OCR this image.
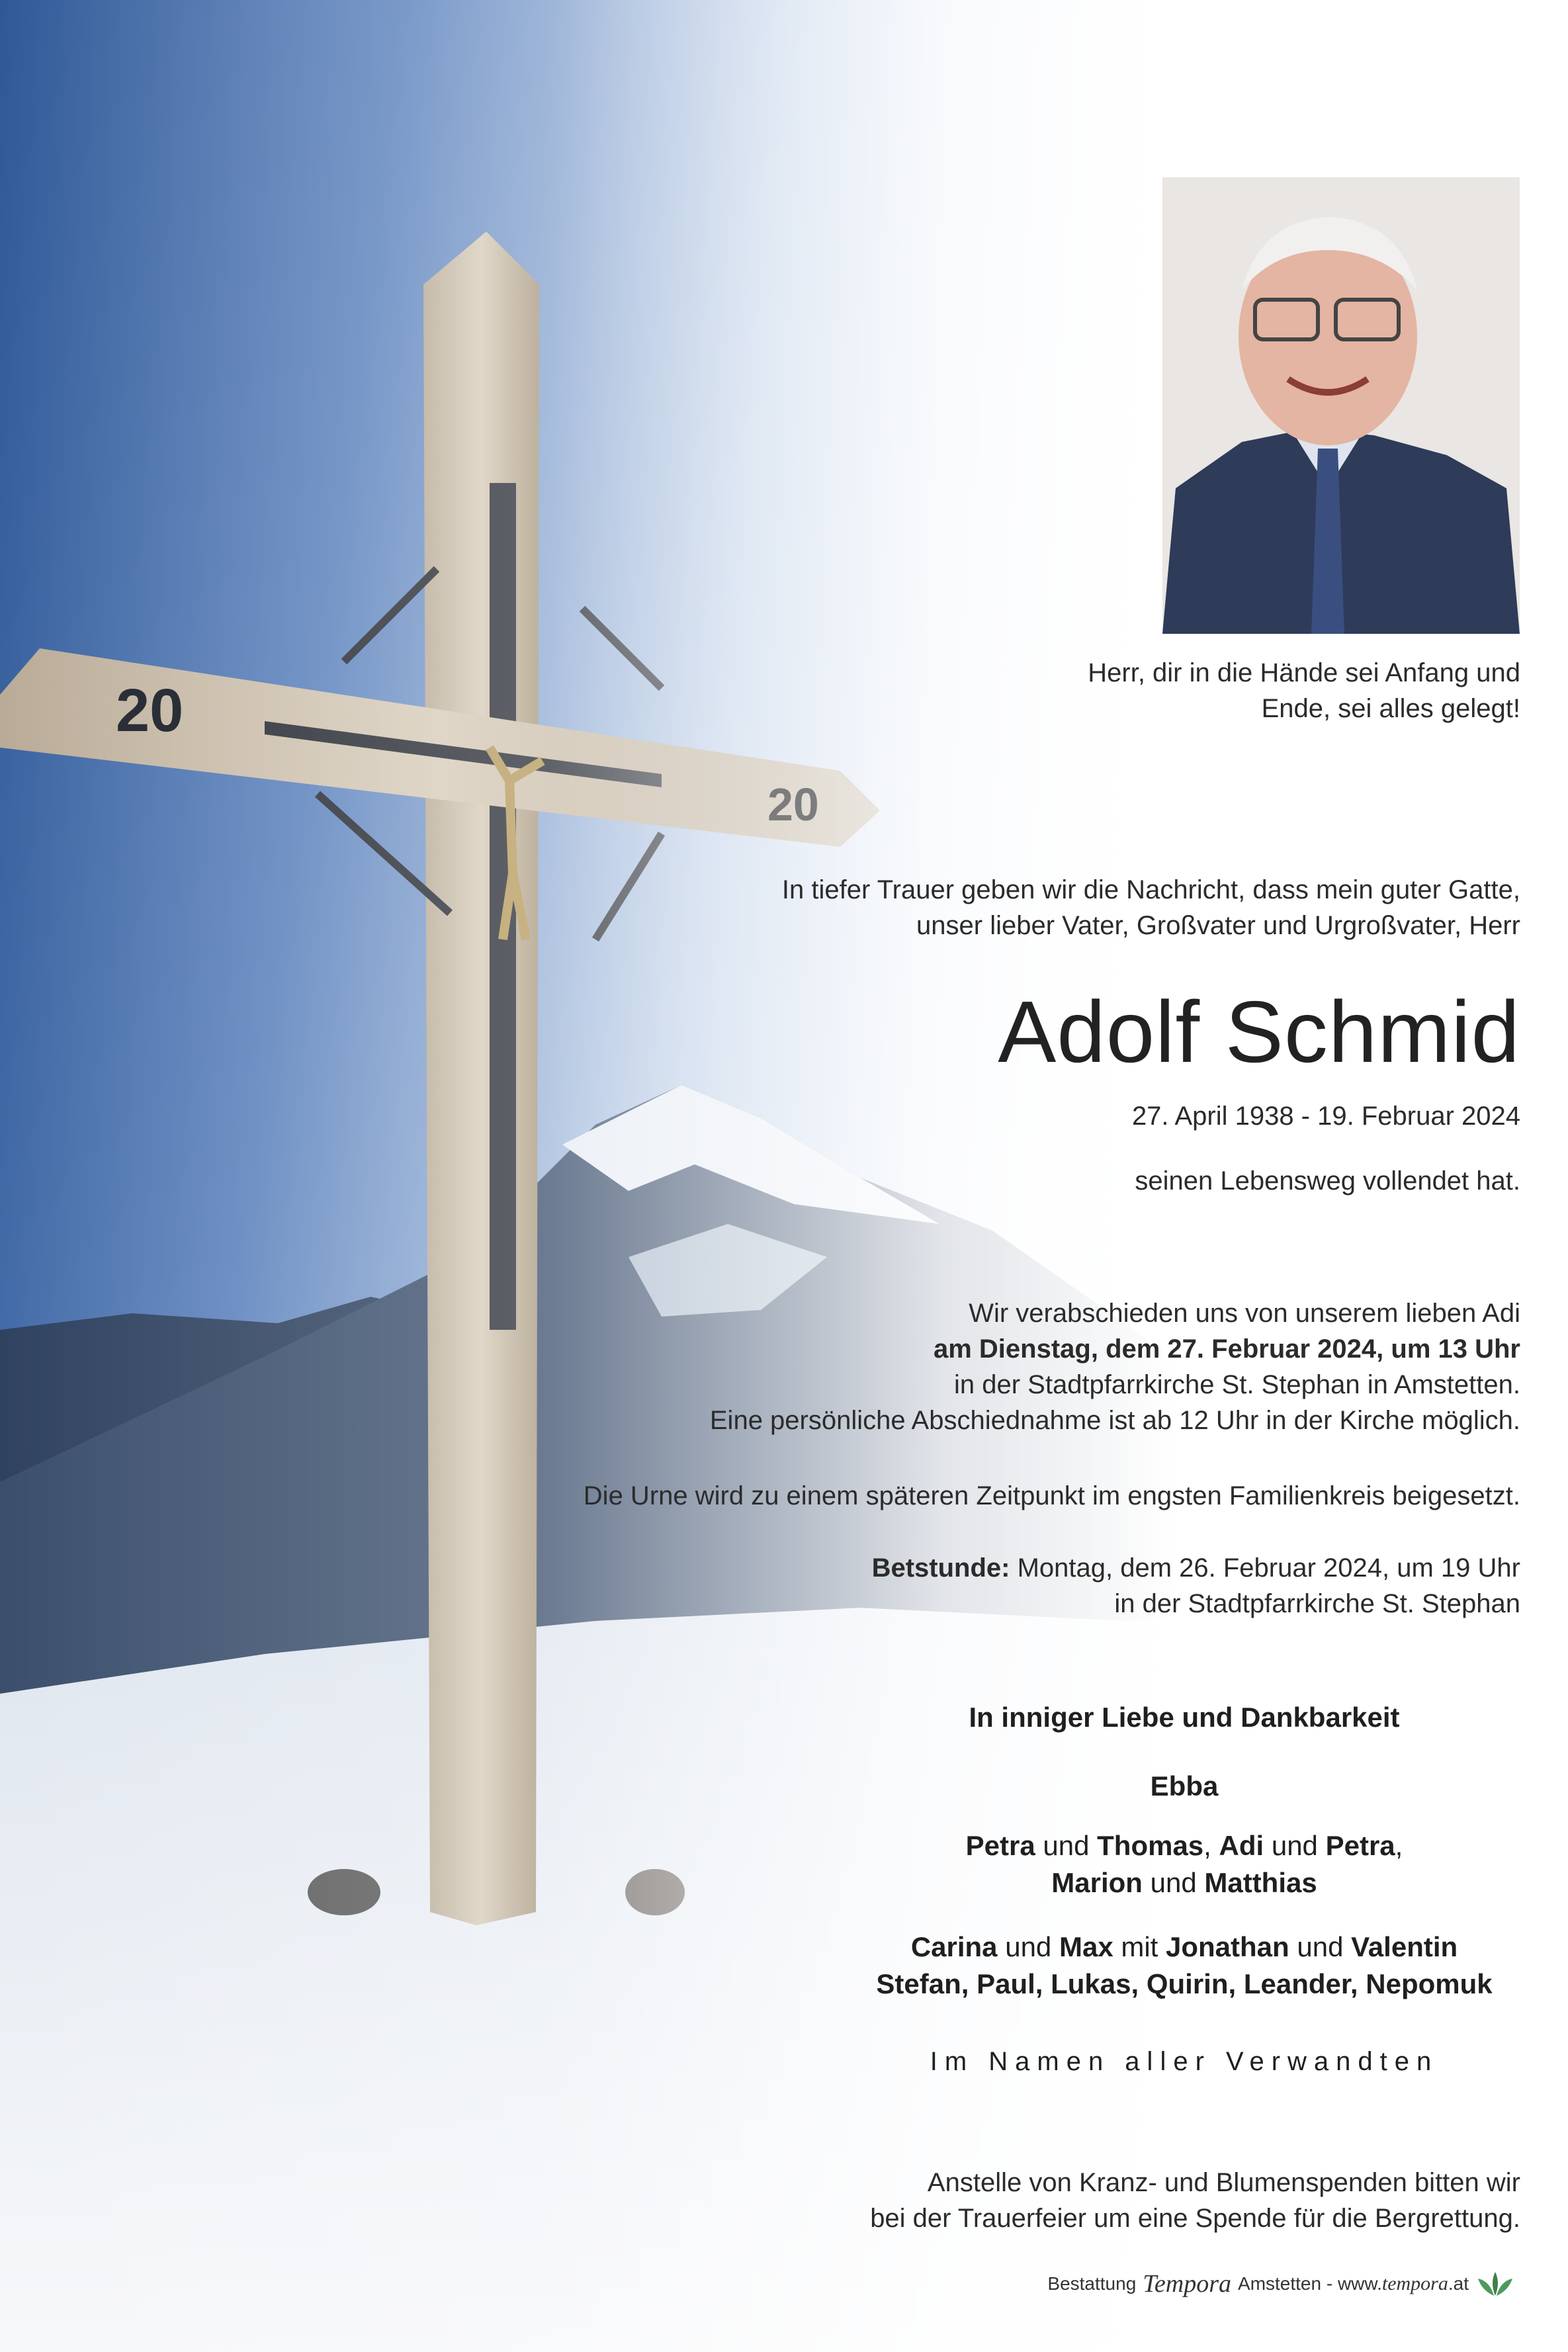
20
20
Herr, dir in die Hände sei Anfang und
Ende, sei alles gelegt!
In tiefer Trauer geben wir die Nachricht, dass mein guter Gatte,
unser lieber Vater, Großvater und Urgroßvater, Herr
Adolf Schmid
27. April 1938 - 19. Februar 2024
seinen Lebensweg vollendet hat.
Wir verabschieden uns von unserem lieben Adi
am Dienstag, dem 27. Februar 2024, um 13 Uhr
in der Stadtpfarrkirche St. Stephan in Amstetten.
Eine persönliche Abschiednahme ist ab 12 Uhr in der Kirche möglich.
Die Urne wird zu einem späteren Zeitpunkt im engsten Familienkreis beigesetzt.
Betstunde: Montag, dem 26. Februar 2024, um 19 Uhr
in der Stadtpfarrkirche St. Stephan
In inniger Liebe und Dankbarkeit
Ebba
Petra und Thomas, Adi und Petra,
Marion und Matthias
Carina und Max mit Jonathan und Valentin
Stefan, Paul, Lukas, Quirin, Leander, Nepomuk
Im Namen aller Verwandten
Anstelle von Kranz- und Blumenspenden bitten wir
bei der Trauerfeier um eine Spende für die Bergrettung.
Bestattung Tempora Amstetten - www.tempora.at
